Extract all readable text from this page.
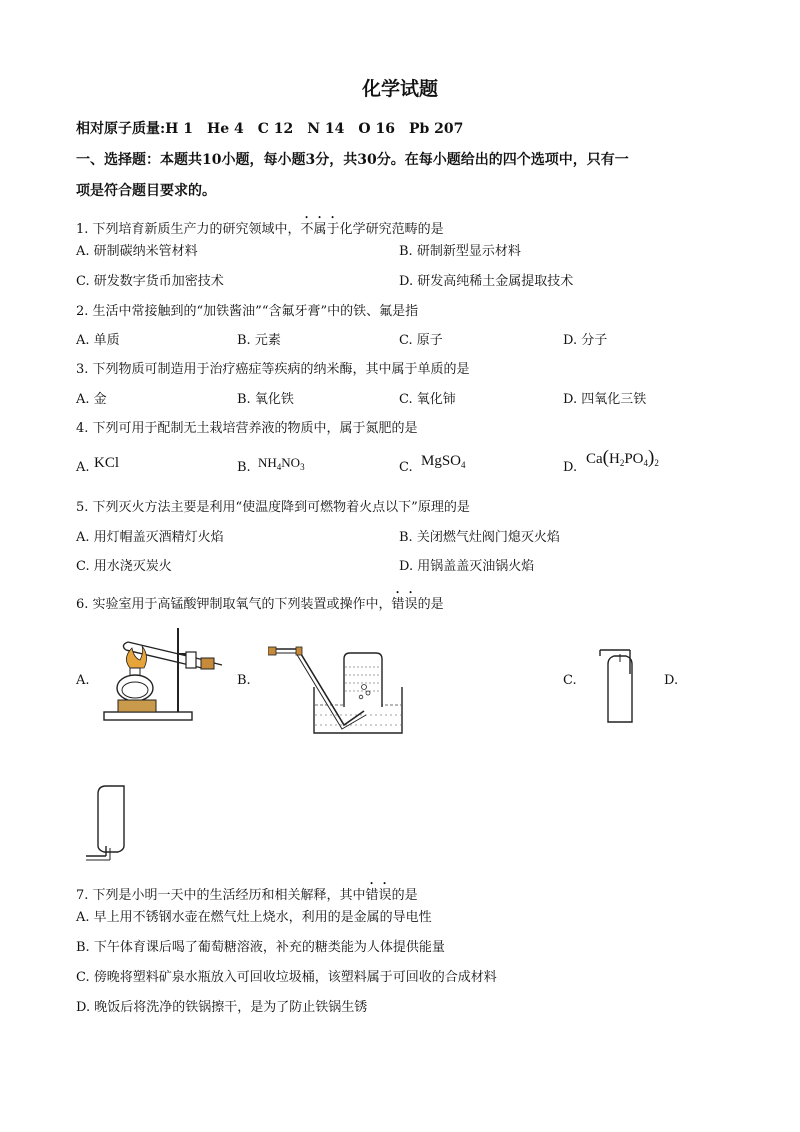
化学试题
相对原子质量:H 1　He 4　C 12　N 14　O 16　Pb 207
一、选择题：本题共10小题，每小题3分，共30分。在每小题给出的四个选项中，只有一
项是符合题目要求的。
1. 下列培育新质生产力的研究领域中，不属于化学研究范畴的是
A. 研制碳纳米管材料	B. 研制新型显示材料
C. 研发数字货币加密技术	D. 研发高纯稀土金属提取技术
2. 生活中常接触到的“加铁酱油”“含氟牙膏”中的铁、氟是指
A. 单质	B. 元素	C. 原子	D. 分子
3. 下列物质可制造用于治疗癌症等疾病的纳米酶，其中属于单质的是
A. 金	B. 氧化铁	C. 氧化铈	D. 四氧化三铁
4. 下列可用于配制无土栽培营养液的物质中，属于氮肥的是
A. KCl	B. $NH_4NO_3$	C. MgSO$_4$	D.
$Ca(H_2PO_4)_2$
5. 下列灭火方法主要是利用“使温度降到可燃物着火点以下”原理的是
A. 用灯帽盖灭酒精灯火焰	B. 关闭燃气灶阀门熄灭火焰
C. 用水浇灭炭火	D. 用锅盖盖灭油锅火焰
6. 实验室用于高锰酸钾制取氧气的下列装置或操作中，错误的是
A.	B.	C.	D.
7. 下列是小明一天中的生活经历和相关解释，其中错误的是
A. 早上用不锈钢水壶在燃气灶上烧水，利用的是金属的导电性
B. 下午体育课后喝了葡萄糖溶液，补充的糖类能为人体提供能量
C. 傍晚将塑料矿泉水瓶放入可回收垃圾桶，该塑料属于可回收的合成材料
D. 晚饭后将洗净的铁锅擦干，是为了防止铁锅生锈
